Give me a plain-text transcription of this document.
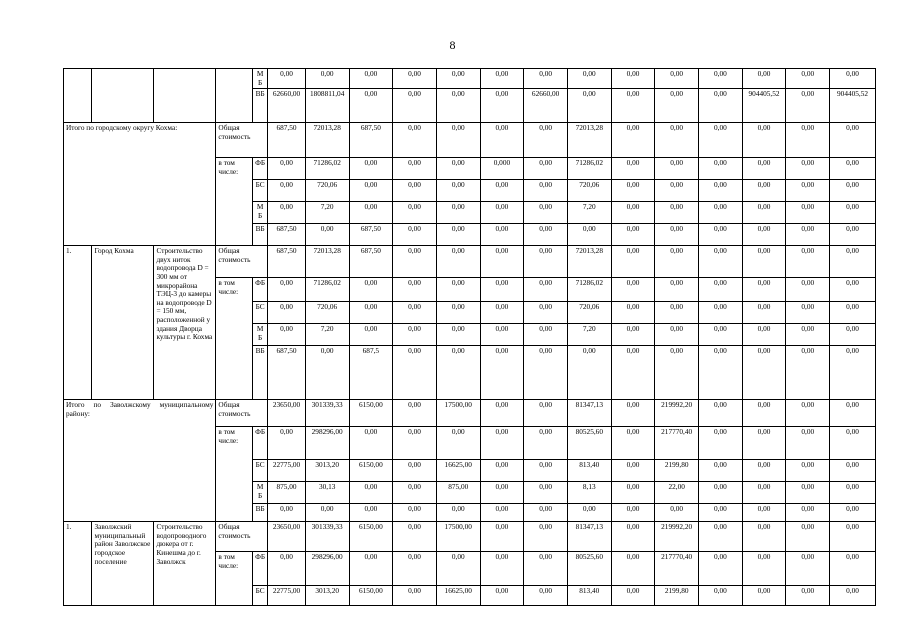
8
				МБ	0,00	0,00	0,00	0,00	0,00	0,00	0,00	0,00	0,00	0,00	0,00	0,00	0,00	0,00
				ВБ	62660,00	1808811,04	0,00	0,00	0,00	0,00	62660,00	0,00	0,00	0,00	0,00	904405,52	0,00	904405,52
Итого по городскому округу Кохма:			Общая стоимость		687,50	72013,28	687,50	0,00	0,00	0,00	0,00	72013,28	0,00	0,00	0,00	0,00	0,00	0,00
			в том числе:	ФБ	0,00	71286,02	0,00	0,00	0,00	0,000	0,00	71286,02	0,00	0,00	0,00	0,00	0,00	0,00
				БС	0,00	720,06	0,00	0,00	0,00	0,00	0,00	720,06	0,00	0,00	0,00	0,00	0,00	0,00
				МБ	0,00	7,20	0,00	0,00	0,00	0,00	0,00	7,20	0,00	0,00	0,00	0,00	0,00	0,00
				ВБ	687,50	0,00	687,50	0,00	0,00	0,00	0,00	0,00	0,00	0,00	0,00	0,00	0,00	0,00
1.	Город Кохма	Строительство двух ниток водопровода D = 300 мм от микрорайона ТЭЦ-3 до камеры на водопроводе D = 150 мм, расположенной у здания Дворца культуры г. Кохма	Общая стоимость		687,50	72013,28	687,50	0,00	0,00	0,00	0,00	72013,28	0,00	0,00	0,00	0,00	0,00	0,00
			в том числе:	ФБ	0,00	71286,02	0,00	0,00	0,00	0,00	0,00	71286,02	0,00	0,00	0,00	0,00	0,00	0,00
				БС	0,00	720,06	0,00	0,00	0,00	0,00	0,00	720,06	0,00	0,00	0,00	0,00	0,00	0,00
				МБ	0,00	7,20	0,00	0,00	0,00	0,00	0,00	7,20	0,00	0,00	0,00	0,00	0,00	0,00
				ВБ	687,50	0,00	687,5	0,00	0,00	0,00	0,00	0,00	0,00	0,00	0,00	0,00	0,00	0,00
Итого по Заволжскому муниципальному району:			Общая стоимость		23650,00	301339,33	6150,00	0,00	17500,00	0,00	0,00	81347,13	0,00	219992,20	0,00	0,00	0,00	0,00
			в том числе:	ФБ	0,00	298296,00	0,00	0,00	0,00	0,00	0,00	80525,60	0,00	217770,40	0,00	0,00	0,00	0,00
				БС	22775,00	3013,20	6150,00	0,00	16625,00	0,00	0,00	813,40	0,00	2199,80	0,00	0,00	0,00	0,00
				МБ	875,00	30,13	0,00	0,00	875,00	0,00	0,00	8,13	0,00	22,00	0,00	0,00	0,00	0,00
				ВБ	0,00	0,00	0,00	0,00	0,00	0,00	0,00	0,00	0,00	0,00	0,00	0,00	0,00	0,00
1.	Заволжский муниципальный район Заволжское городское поселение	Строительство водопроводного дюкера от г. Кинешма до г. Заволжск	Общая стоимость		23650,00	301339,33	6150,00	0,00	17500,00	0,00	0,00	81347,13	0,00	219992,20	0,00	0,00	0,00	0,00
			в том числе:	ФБ	0,00	298296,00	0,00	0,00	0,00	0,00	0,00	80525,60	0,00	217770,40	0,00	0,00	0,00	0,00
				БС	22775,00	3013,20	6150,00	0,00	16625,00	0,00	0,00	813,40	0,00	2199,80	0,00	0,00	0,00	0,00
